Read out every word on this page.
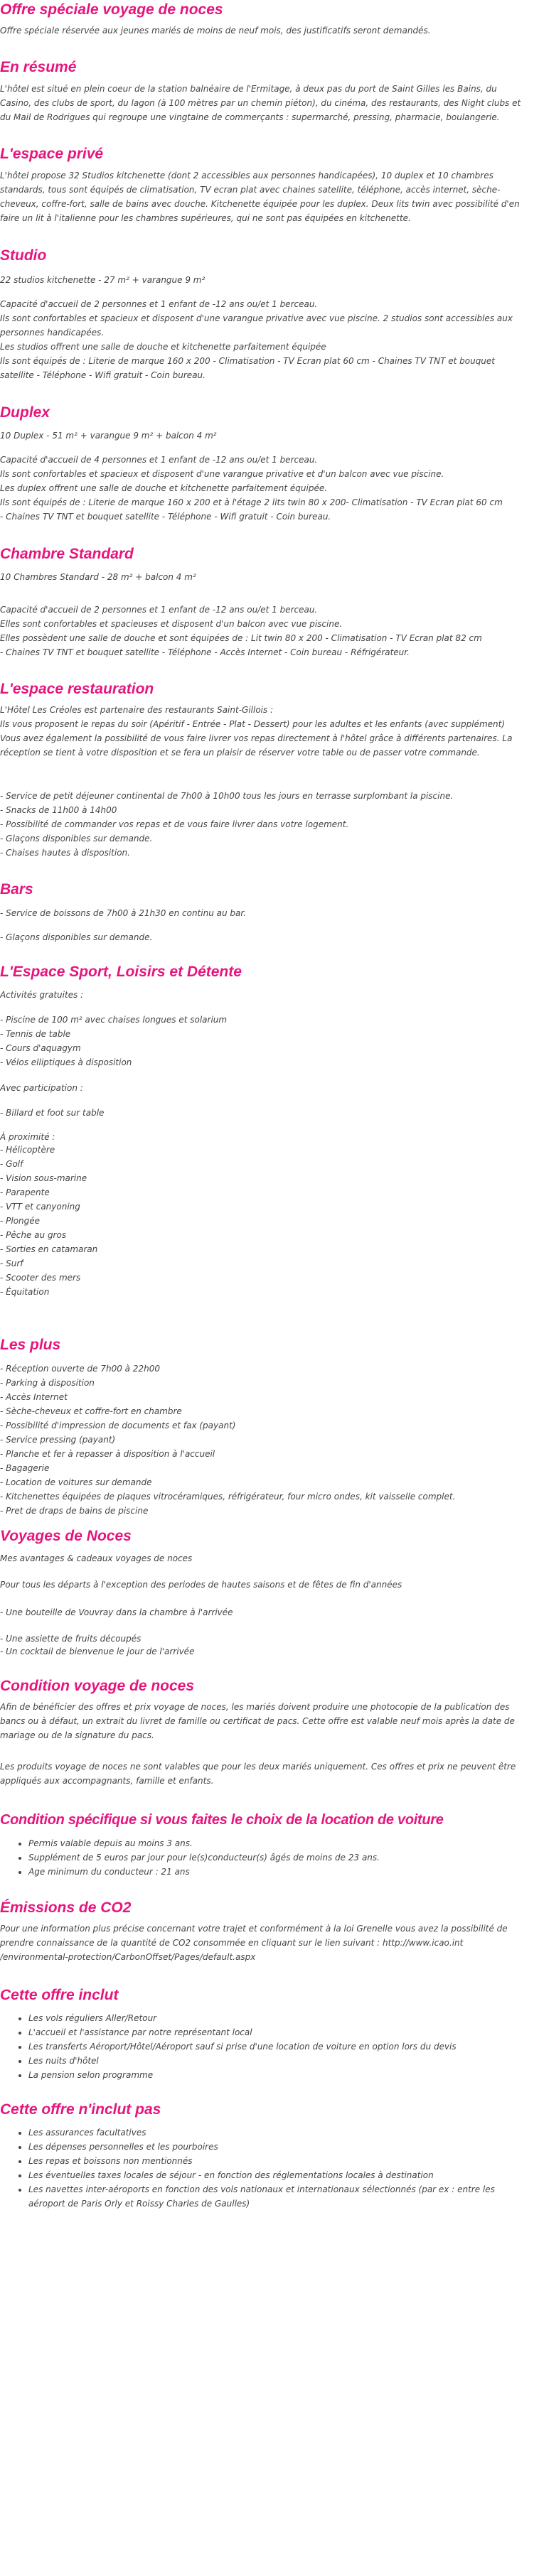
Offre spéciale voyage de noces
Offre spéciale réservée aux jeunes mariés de moins de neuf mois, des justificatifs seront demandés.
En résumé

L'hôtel est situé en plein coeur de la station balnéaire de l'Ermitage, à deux pas du port de Saint Gilles les Bains, du

Casino, des clubs de sport, du lagon (à 100 mètres par un chemin piéton), du cinéma, des restaurants, des Night clubs et

du Mail de Rodrigues qui regroupe une vingtaine de commerçants : supermarché, pressing, pharmacie, boulangerie.

L'espace privé

L'hôtel propose 32 Studios kitchenette (dont 2 accessibles aux personnes handicapées), 10 duplex et 10 chambres

standards, tous sont équipés de climatisation, TV ecran plat avec chaines satellite, téléphone, accès internet, sèche-

cheveux, coffre-fort, salle de bains avec douche. Kitchenette équipée pour les duplex. Deux lits twin avec possibilité d'en

faire un lit à l'italienne pour les chambres supérieures, qui ne sont pas équipées en kitchenette.

Studio

22 studios kitchenette - 27 m² + varangue 9 m²

Capacité d'accueil de 2 personnes et 1 enfant de -12 ans ou/et 1 berceau.

Ils sont confortables et spacieux et disposent d'une varangue privative avec vue piscine. 2 studios sont accessibles aux

personnes handicapées.

Les studios offrent une salle de douche et kitchenette parfaitement équipée

Ils sont équipés de : Literie de marque 160 x 200 - Climatisation - TV Ecran plat 60 cm - Chaines TV TNT et bouquet

satellite - Téléphone - Wifi gratuit - Coin bureau.

Duplex

10 Duplex - 51 m² + varangue 9 m² + balcon 4 m²

Capacité d'accueil de 4 personnes et 1 enfant de -12 ans ou/et 1 berceau.

Ils sont confortables et spacieux et disposent d'une varangue privative et d'un balcon avec vue piscine.

Les duplex offrent une salle de douche et kitchenette parfaitement équipée.

Ils sont équipés de : Literie de marque 160 x 200 et à l'étage 2 lits twin 80 x 200- Climatisation - TV Ecran plat 60 cm

- Chaines TV TNT et bouquet satellite - Téléphone - Wifi gratuit - Coin bureau.

Chambre Standard

10 Chambres Standard - 28 m² + balcon 4 m²

Capacité d'accueil de 2 personnes et 1 enfant de -12 ans ou/et 1 berceau.

Elles sont confortables et spacieuses et disposent d'un balcon avec vue piscine.

Elles possèdent une salle de douche et sont équipées de : Lit twin 80 x 200 - Climatisation - TV Ecran plat 82 cm

- Chaines TV TNT et bouquet satellite - Téléphone - Accès Internet - Coin bureau - Réfrigérateur.

L'espace restauration

L'Hôtel Les Créoles est partenaire des restaurants Saint-Gillois :

Ils vous proposent le repas du soir (Apéritif - Entrée - Plat - Dessert) pour les adultes et les enfants (avec supplément)

Vous avez également la possibilité de vous faire livrer vos repas directement à l'hôtel grâce à différents partenaires. La

réception se tient à votre disposition et se fera un plaisir de réserver votre table ou de passer votre commande.

- Service de petit déjeuner continental de 7h00 à 10h00 tous les jours en terrasse surplombant la piscine.

- Snacks de 11h00 à 14h00

- Possibilité de commander vos repas et de vous faire livrer dans votre logement.

- Glaçons disponibles sur demande.

- Chaises hautes à disposition.

Bars
- Service de boissons de 7h00 à 21h30 en continu au bar.
- Glaçons disponibles sur demande.
L'Espace Sport, Loisirs et Détente
Activités gratuites :

- Piscine de 100 m² avec chaises longues et solarium

- Tennis de table

- Cours d'aquagym

- Vélos elliptiques à disposition

Avec participation :
- Billard et foot sur table
À proximité :

- Hélicoptère

- Golf

- Vision sous-marine

- Parapente

- VTT et canyoning

- Plongée

- Pêche au gros

- Sorties en catamaran

- Surf

- Scooter des mers

- Équitation

Les plus

- Réception ouverte de 7h00 à 22h00

- Parking à disposition

- Accès Internet

- Sèche-cheveux et coffre-fort en chambre

- Possibilité d'impression de documents et fax (payant)

- Service pressing (payant)

- Planche et fer à repasser à disposition à l'accueil

- Bagagerie

- Location de voitures sur demande

- Kitchenettes équipées de plaques vitrocéramiques, réfrigérateur, four micro ondes, kit vaisselle complet.

- Pret de draps de bains de piscine

Voyages de Noces
Mes avantages & cadeaux voyages de noces
Pour tous les départs à l'exception des periodes de hautes saisons et de fêtes de fin d'années
- Une bouteille de Vouvray dans la chambre à l'arrivée
- Une assiette de fruits découpés
- Un cocktail de bienvenue le jour de l'arrivée
Condition voyage de noces

Afin de bénéficier des offres et prix voyage de noces, les mariés doivent produire une photocopie de la publication des

bancs ou à défaut, un extrait du livret de famille ou certificat de pacs. Cette offre est valable neuf mois après la date de

mariage ou de la signature du pacs.

Les produits voyage de noces ne sont valables que pour les deux mariés uniquement. Ces offres et prix ne peuvent être

appliqués aux accompagnants, famille et enfants.

Condition spécifique si vous faites le choix de la location de voiture
• Permis valable depuis au moins 3 ans.
• Supplément de 5 euros par jour pour le(s)conducteur(s) âgés de moins de 23 ans.
• Age minimum du conducteur : 21 ans
Émissions de CO2

Pour une information plus précise concernant votre trajet et conformément à la loi Grenelle vous avez la possibilité de

prendre connaissance de la quantité de CO2 consommée en cliquant sur le lien suivant : http://www.icao.int

/environmental-protection/CarbonOffset/Pages/default.aspx

Cette offre inclut
• Les vols réguliers Aller/Retour
• L'accueil et l'assistance par notre représentant local
• Les transferts Aéroport/Hôtel/Aéroport sauf si prise d'une location de voiture en option lors du devis
• Les nuits d'hôtel
• La pension selon programme
Cette offre n'inclut pas
• Les assurances facultatives
• Les dépenses personnelles et les pourboires
• Les repas et boissons non mentionnés
• Les éventuelles taxes locales de séjour - en fonction des réglementations locales à destination
• Les navettes inter-aéroports en fonction des vols nationaux et internationaux sélectionnés (par ex : entre les
aéroport de Paris Orly et Roissy Charles de Gaulles)
